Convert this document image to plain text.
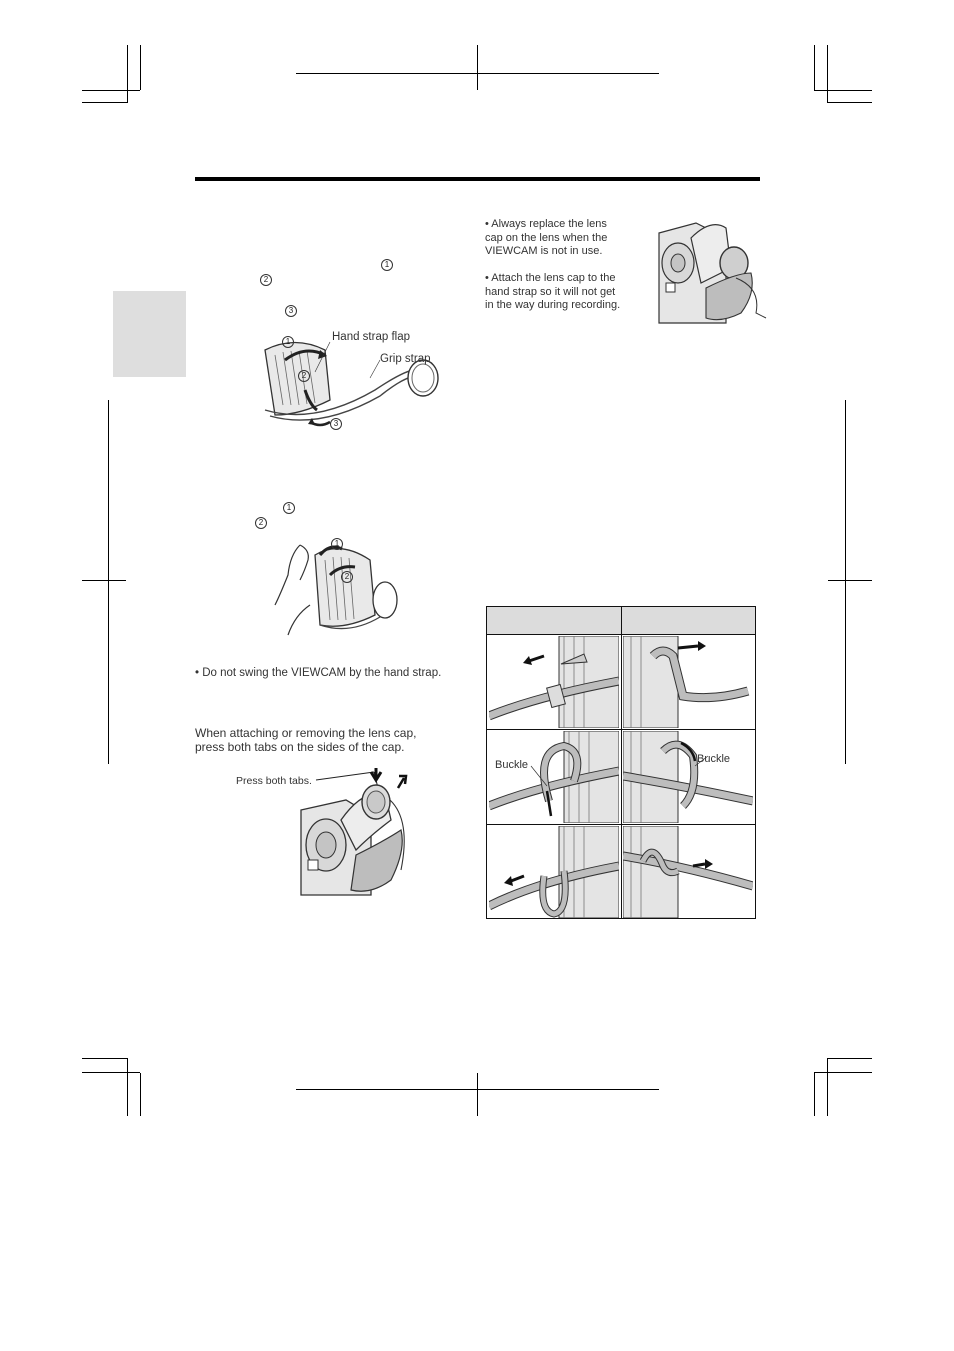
1
2
3
1
2
3
Hand strap flap
Grip strap
1
2
1
2
• Do not swing the VIEWCAM by the hand strap.
When attaching or removing the lens cap, press both tabs on the sides of the cap.
Press both tabs.
• Always replace the lens cap on the lens when the VIEWCAM is not in use.
• Attach the lens cap to the hand strap so it will not get in the way during recording.
Buckle	Buckle
